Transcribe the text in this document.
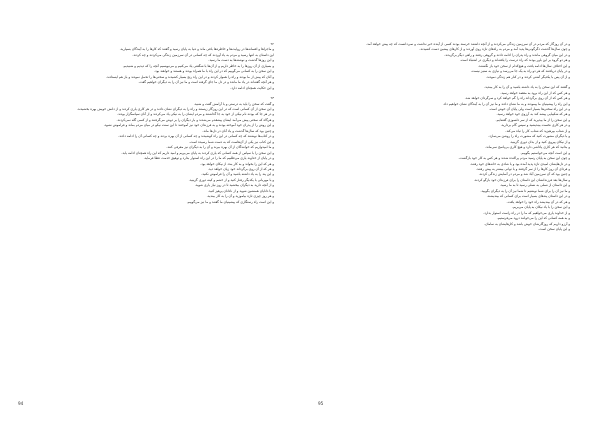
٦٢
و ماجراها و افسانه‌ها در روایت‌ها و خاطره‌ها باقی ماند و دنیا به پایان رسید و گفتند که کارها را به آیندگان بسپارید.
این داستان به انتها رسید و مردم به یاد آوردند که چه کسانی در آن سرزمین زندگی می‌کردند و چه کردند.
و این روزها گذشت و نوشته‌ها به دست ما رسید.
و بسیاری از آن روزها را به خاطر داریم و از آن‌ها با شگفتی یاد می‌کنیم و می‌نویسیم آنچه را که دیدیم و شنیدیم.
و این سخن را به کسانی می‌گوییم که در این راه با ما همراه بودند و هستند و خواهند بود.
و آنان که پیش از ما بودند و راه را هموار کردند و در این راه رنج بسیار کشیدند و سختی‌ها را تحمل نمودند و باز هم ایستادند.
و هر آنچه گفته‌اند در یاد ما مانده و در دل ما جای گرفته است و ما نیز آن را به دیگران خواهیم گفت.
و این حکایت همچنان ادامه دارد.
٦٣
و گفت که سخن را باید به درستی و با آرامش گفت و شنید.
و این سخن از آن کسانی است که در این روزگار زیستند و راه را به دیگران نشان دادند و در هر کاری یاری کردند و از دانش خویش بهره بخشیدند.
و در هر جا که بودند نام نیکی از خود به جا گذاشتند و مردم ایشان را به نیکی یاد می‌کردند و از آنان سپاسگزار بودند.
و هرگاه که سختی پیش می‌آمد ایشان پیشقدم می‌شدند و بار دیگران را بر دوش می‌گرفتند و از کسی گله نمی‌کردند.
و این روش را از پدران خود آموخته بودند و به فرزندان خود نیز آموختند تا این سنت نیکو در میان مردم بماند و فراموش نشود.
و چنین بود که سال‌ها گذشت و یاد آنان در دل‌ها ماند.
و در کتاب‌ها نوشتند که چه کسانی در این راه کوشیدند و چه کسانی از آن بهره بردند و چه کسانی آن را ادامه دادند.
و این کتاب نیز یکی از آن‌هاست که به دست شما رسیده است.
و ما امیدواریم که خوانندگان از آن بهره ببرند و آن را به دیگران نیز معرفی کنند.
و این سخن را با سپاس از همه کسانی که یاری کردند به پایان می‌بریم و امید داریم که این راه همچنان ادامه یابد.
و در پایان از خداوند یاری می‌طلبیم که ما را در این راه استوار بدارد و توفیق خدمت عطا فرماید.
و هر که این را بخواند و به کار بندد از نیکان خواهد بود.
و هر که از آن روی برگرداند خود زیان خواهد دید.
و این پند را به یاد داشته باشید و آن را فراموش نکنید.
و با مهربانی با یکدیگر رفتار کنید و از خشم و کینه دوری گزینید.
و از آنچه دارید به دیگران ببخشید تا در روز نیاز یاری شوید.
و با دانایان همنشین شوید و از نادانان پرهیز کنید.
و هر روز چیزی تازه بیاموزید و آن را به کار ببندید.
و این است راه رستگاری که پیشینیان ما گفتند و ما نیز می‌گوییم.
و در آن روزگار که مردم در آن سرزمین زندگی می‌کردند و از آنچه داشتند خرسند بودند کسی از آینده خبر نداشت و نمی‌دانست که چه پیش خواهد آمد.
و چون سال‌ها گذشت دگرگونی‌ها پدید آمد و مردم به راه‌های تازه روی آوردند و از کارهای پیشین دست کشیدند.
و در این میان گروهی ماندند و راه پدران را ادامه دادند و گروهی رفتند و راهی دیگر برگزیدند.
و هر دو گروه بر این باور بودند که راه درست را یافته‌اند و دیگری در اشتباه است.
و این اختلاف سال‌ها ادامه یافت و هیچ‌کدام از سخن خود باز نگشتند.
و در پایان دریافتند که هر دو راه به یک جا می‌رسد و نیازی به ستیز نیست.
و از آن پس با یکدیگر آشتی کردند و در کنار هم زندگی نمودند.
و گفتند که این سخن را به یاد داشته باشید و آن را به کار ببندید.
و هر کس که از این راه برود به مقصد خواهد رسید.
و هر کس که از آن روی برگرداند راه را گم خواهد کرد و سرگردان خواهد شد.
و این راه را پیشینیان ما پیمودند و به ما نشان دادند و ما نیز آن را به آیندگان نشان خواهیم داد.
و در این راه سختی‌ها بسیار است ولی پایان آن خوش است.
و هر که شکیبایی پیشه کند به آرزوی خود خواهد رسید.
و این سخن را از ما بپذیرید که از سر دلسوزی گفته‌ایم.
و در هر کاری نخست بیندیشید و سپس گام بردارید.
و از شتاب بپرهیزید که شتاب کار را تباه می‌کند.
و با دیگران مشورت کنید که مشورت راه را روشن می‌سازد.
و از نیکان پیروی کنید و از بدان دوری گزینید.
و بدانید که هر کاری پاداشی دارد و هیچ کاری بی‌پاسخ نمی‌ماند.
و این است آنچه می‌خواستیم بگوییم.
و چون این سخن به پایان رسید مردم پراکنده شدند و هر کس به کار خود بازگشت.
و در دل‌هایشان امیدی تازه پدید آمده بود و با شادی به خانه‌های خود رفتند.
و فردای آن روز کارها را از سر گرفتند و با توانی بیشتر به پیش رفتند.
و چنین بود که آن سرزمین آباد شد و مردم در آسایش زندگی کردند.
و سال‌ها بعد فرزندانشان این داستان را برای فرزندان خود بازگو کردند.
و این داستان از نسلی به نسلی رسید تا به ما رسید.
و ما نیز آن را برای شما نوشتیم تا شما نیز آن را به دیگران بگویید.
و در این داستان پندهای بسیار است برای کسانی که بیندیشند.
و هر که در آن بیندیشد راه خود را خواهد یافت.
و این سخن را با یاد نیکان به پایان می‌بریم.
و از خداوند یاری می‌خواهیم که ما را در راه راست استوار بدارد.
و به همه کسانی که این را می‌خوانند درود می‌فرستیم.
و آرزو داریم که روزگارشان خوش باشد و کارهایشان به سامان.
و این پایان سخن است.
94	95
